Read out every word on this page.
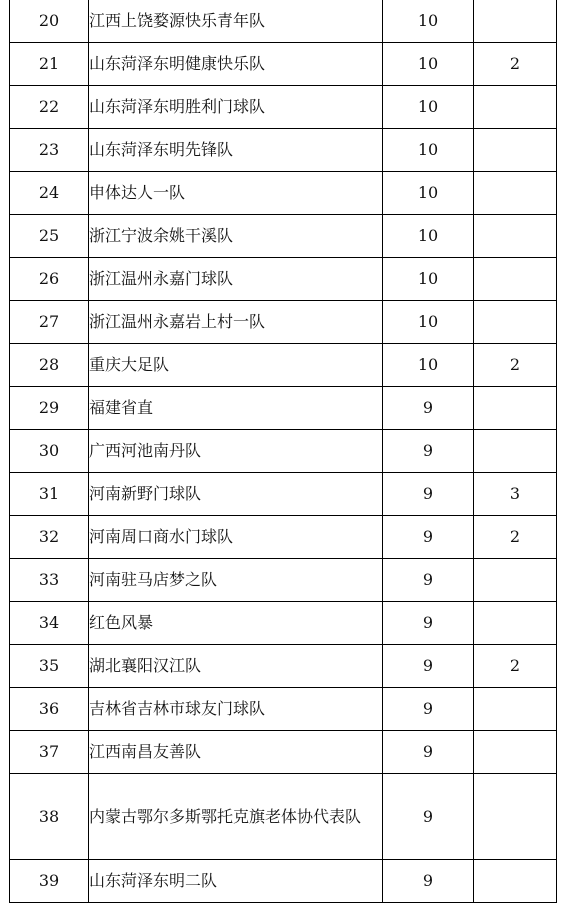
20	江西上饶婺源快乐青年队	10	
21	山东菏泽东明健康快乐队	10	2
22	山东菏泽东明胜利门球队	10	
23	山东菏泽东明先锋队	10	
24	申体达人一队	10	
25	浙江宁波余姚干溪队	10	
26	浙江温州永嘉门球队	10	
27	浙江温州永嘉岩上村一队	10	
28	重庆大足队	10	2
29	福建省直	9	
30	广西河池南丹队	9	
31	河南新野门球队	9	3
32	河南周口商水门球队	9	2
33	河南驻马店梦之队	9	
34	红色风暴	9	
35	湖北襄阳汉江队	9	2
36	吉林省吉林市球友门球队	9	
37	江西南昌友善队	9	
38	内蒙古鄂尔多斯鄂托克旗老体协代表队	9	
39	山东菏泽东明二队	9	
